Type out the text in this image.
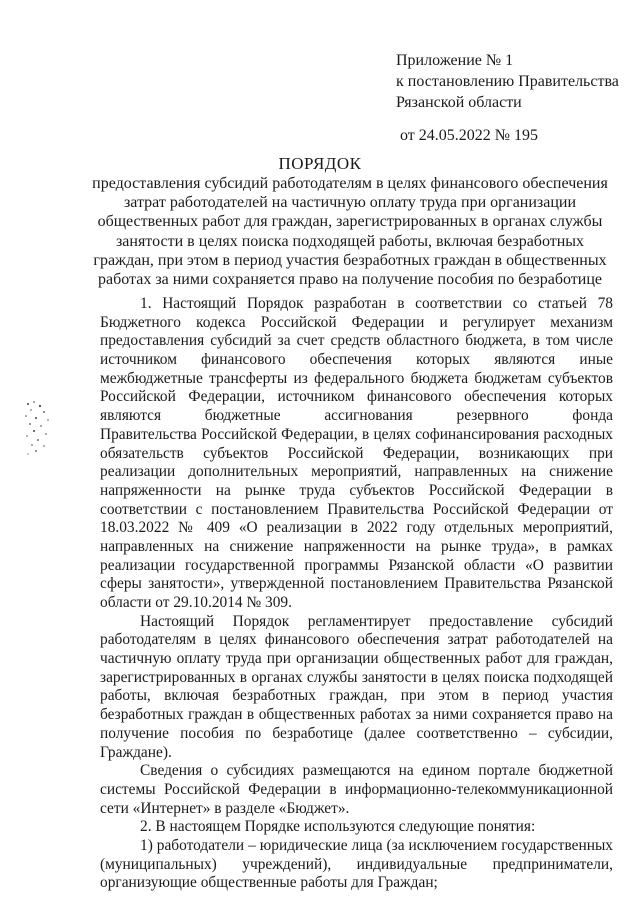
Приложение № 1
к постановлению Правительства
Рязанской области
от 24.05.2022 № 195
ПОРЯДОК
предоставления субсидий работодателям в целях финансового обеспечения
затрат работодателей на частичную оплату труда при организации
общественных работ для граждан, зарегистрированных в органах службы
занятости в целях поиска подходящей работы, включая безработных
граждан, при этом в период участия безработных граждан в общественных
работах за ними сохраняется право на получение пособия по безработице
1. Настоящий Порядок разработан в соответствии со статьей 78
Бюджетного кодекса Российской Федерации и регулирует механизм
предоставления субсидий за счет средств областного бюджета, в том числе
источником финансового обеспечения которых являются иные
межбюджетные трансферты из федерального бюджета бюджетам субъектов
Российской Федерации, источником финансового обеспечения которых
являются бюджетные ассигнования резервного фонда
Правительства Российской Федерации, в целях софинансирования расходных
обязательств субъектов Российской Федерации, возникающих при
реализации дополнительных мероприятий, направленных на снижение
напряженности на рынке труда субъектов Российской Федерации в
соответствии с постановлением Правительства Российской Федерации от
18.03.2022 № 409 «О реализации в 2022 году отдельных мероприятий,
направленных на снижение напряженности на рынке труда», в рамках
реализации государственной программы Рязанской области «О развитии
сферы занятости», утвержденной постановлением Правительства Рязанской
области от 29.10.2014 № 309.
Настоящий Порядок регламентирует предоставление субсидий
работодателям в целях финансового обеспечения затрат работодателей на
частичную оплату труда при организации общественных работ для граждан,
зарегистрированных в органах службы занятости в целях поиска подходящей
работы, включая безработных граждан, при этом в период участия
безработных граждан в общественных работах за ними сохраняется право на
получение пособия по безработице (далее соответственно – субсидии,
Граждане).
Сведения о субсидиях размещаются на едином портале бюджетной
системы Российской Федерации в информационно-телекоммуникационной
сети «Интернет» в разделе «Бюджет».
2. В настоящем Порядке используются следующие понятия:
1) работодатели – юридические лица (за исключением государственных
(муниципальных) учреждений), индивидуальные предприниматели,
организующие общественные работы для Граждан;
